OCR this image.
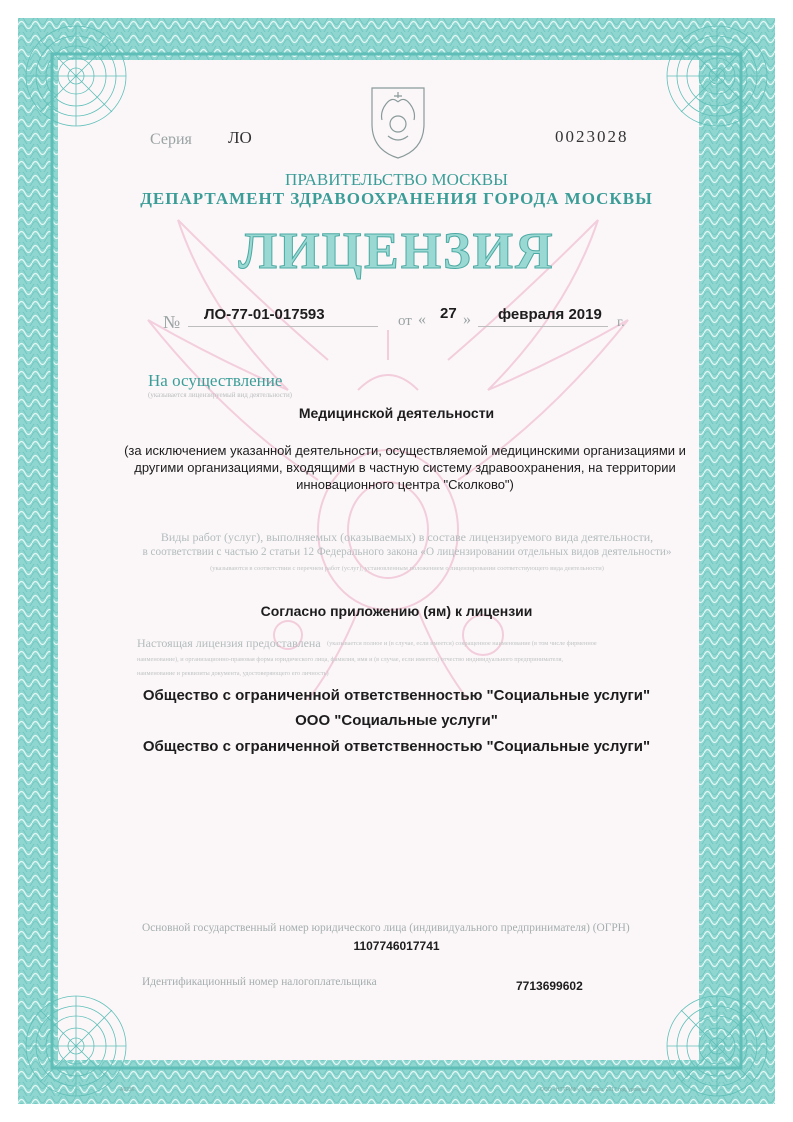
Серия ЛО	0023028
ПРАВИТЕЛЬСТВО МОСКВЫ
ДЕПАРТАМЕНТ ЗДРАВООХРАНЕНИЯ ГОРОДА МОСКВЫ
ЛИЦЕНЗИЯ
№ ЛО-77-01-017593	от « 27 » февраля 2019 г.
На осуществление
(указывается лицензируемый вид деятельности)
Медицинской деятельности
(за исключением указанной деятельности, осуществляемой медицинскими организациями и другими организациями, входящими в частную систему здравоохранения, на территории инновационного центра "Сколково")
Виды работ (услуг), выполняемых (оказываемых) в составе лицензируемого вида деятельности,
в соответствии с частью 2 статьи 12 Федерального закона «О лицензировании отдельных видов деятельности»
(указываются в соответствии с перечнем работ (услуг), установленным положением о лицензировании соответствующего вида деятельности)
Согласно приложению (ям) к лицензии
Настоящая лицензия предоставлена (указывается полное и (в случае, если имеется) сокращенное наименование (в том числе фирменное
наименование), и организационно-правовая форма юридического лица, фамилия, имя и (в случае, если имеется) отчество индивидуального предпринимателя,
наименование и реквизиты документа, удостоверяющего его личность)
Общество с ограниченной ответственностью "Социальные услуги"
ООО "Социальные услуги"
Общество с ограниченной ответственностью "Социальные услуги"
Основной государственный номер юридического лица (индивидуального предпринимателя) (ОГРН)
1107746017741
Идентификационный номер налогоплательщика	7713699602
А6236	ООО «НТТРИФ», г. Москва, 2017 год, уровень Б
